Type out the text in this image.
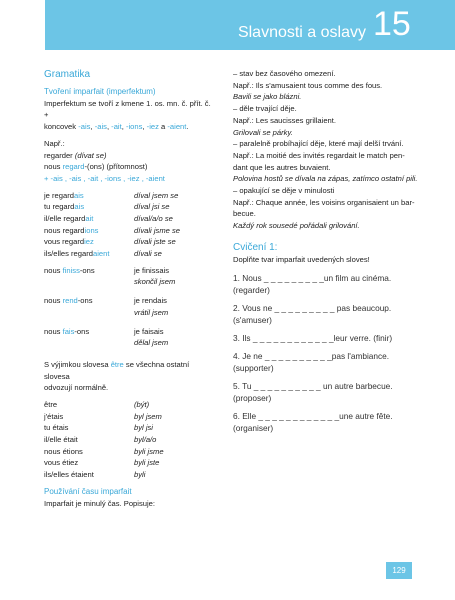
Slavnosti a oslavy 15
Gramatika
Tvoření imparfait (imperfektum)

Imperfektum se tvoří z kmene 1. os. mn. č. přít. č. +

koncovek -ais, -ais, -ait, -ions, -iez a -aient.

Např.:

regarder (dívat se)

nous regard-(ons) (přítomnost)

+ -ais , -ais , -ait , -ions , -iez , -aient

je regardais	díval jsem se
tu regardais	díval jsi se
il/elle regardait	díval/a/o se
nous regardions	dívali jsme se
vous regardiez	dívali jste se
ils/elles regardaient	dívali se
nous finiss-ons	je finissais
skončil jsem
nous rend-ons	je rendais
vrátil jsem
nous fais-ons	je faisais
dělal jsem

S výjimkou slovesa être se všechna ostatní slovesa

odvozují normálně.

être	(být)
j'étais	byl jsem
tu étais	byl jsi
il/elle était	byl/a/o
nous étions	byli jsme
vous étiez	byli jste
ils/elles étaient	byli
Používání času imparfait

Imparfait je minulý čas. Popisuje:

– stav bez časového omezení.

Např.: Ils s'amusaient tous comme des fous.

Bavili se jako blázni.

– děle trvající děje.

Např.: Les saucisses grillaient.

Grilovali se párky.

– paralelně probíhající děje, které mají delší trvání.

Např.: La moitié des invités regardait le match pen-

dant que les autres buvaient.

Polovina hostů se dívala na zápas, zatímco ostatní pili.

– opakující se děje v minulosti

Např.: Chaque année, les voisins organisaient un bar-

becue.

Každý rok sousedé pořádali grilování.

Cvičení 1:

Doplňte tvar imparfait uvedených sloves!

1. Nous _ _ _ _ _ _ _ _ _un film au cinéma.

(regarder)

2. Vous ne _ _ _ _ _ _ _ _ _ pas beaucoup.

(s'amuser)

3. Ils _ _ _ _ _ _ _ _ _ _ _ _leur verre. (finir)

4. Je ne _ _ _ _ _ _ _ _ _ _pas l'ambiance.

(supporter)

5. Tu _ _ _ _ _ _ _ _ _ _ un autre barbecue.

(proposer)

6. Elle _ _ _ _ _ _ _ _ _ _ _ _une autre fête.

(organiser)

129
